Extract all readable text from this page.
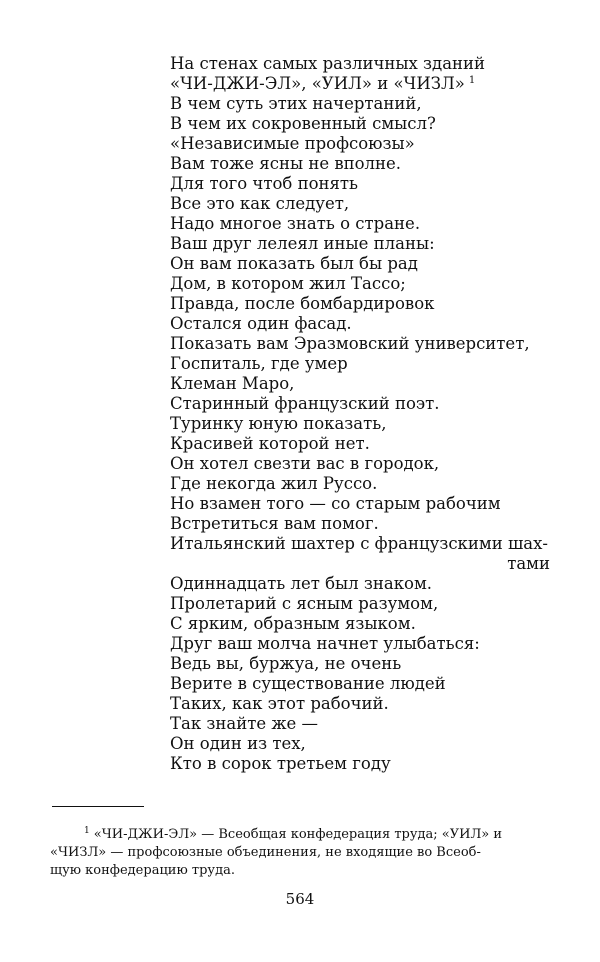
На стенах самых различных зданий
«ЧИ-ДЖИ-ЭЛ», «УИЛ» и «ЧИЗЛ» $^1$
В чем суть этих начертаний,
В чем их сокровенный смысл?
«Независимые профсоюзы»
Вам тоже ясны не вполне.
Для того чтоб понять
Все это как следует,
Надо многое знать о стране.
Ваш друг лелеял иные планы:
Он вам показать был бы рад
Дом, в котором жил Тассо;
Правда, после бомбардировок
Остался один фасад.
Показать вам Эразмовский университет,
Госпиталь, где умер
Клеман Маро,
Старинный французский поэт.
Туринку юную показать,
Красивей которой нет.
Он хотел свезти вас в городок,
Где некогда жил Руссо.
Но взамен того — со старым рабочим
Встретиться вам помог.
Итальянский шахтер с французскими шах-
тами
Одиннадцать лет был знаком.
Пролетарий с ясным разумом,
С ярким, образным языком.
Друг ваш молча начнет улыбаться:
Ведь вы, буржуа, не очень
Верите в существование людей
Таких, как этот рабочий.
Так знайте же —
Он один из тех,
Кто в сорок третьем году

$^1$ «ЧИ-ДЖИ-ЭЛ» — Всеобщая конфедерация труда; «УИЛ» и
«ЧИЗЛ» — профсоюзные объединения, не входящие во Всеоб-
щую конфедерацию труда.

564
